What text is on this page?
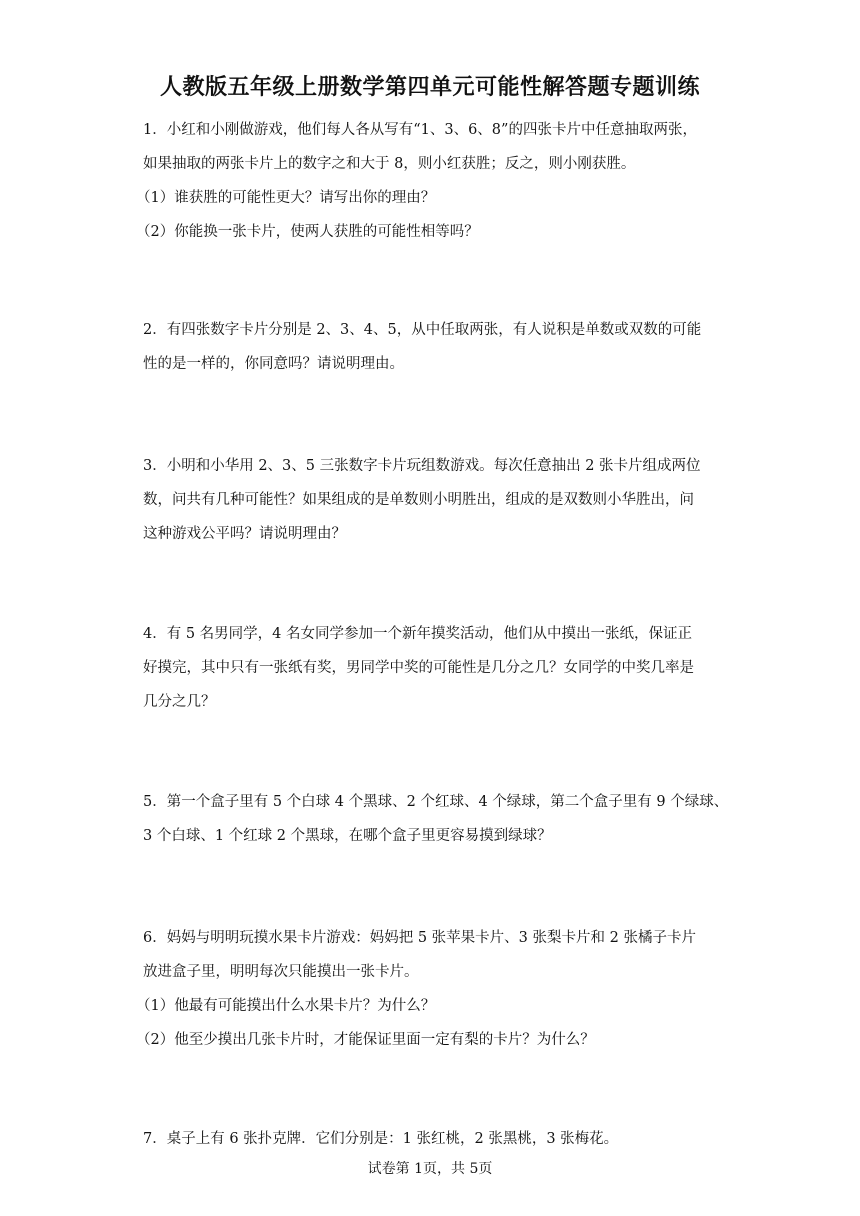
人教版五年级上册数学第四单元可能性解答题专题训练

1．小红和小刚做游戏，他们每人各从写有“1、3、6、8”的四张卡片中任意抽取两张，

如果抽取的两张卡片上的数字之和大于 8，则小红获胜；反之，则小刚获胜。

（1）谁获胜的可能性更大？请写出你的理由？

（2）你能换一张卡片，使两人获胜的可能性相等吗？

2．有四张数字卡片分别是 2、3、4、5，从中任取两张，有人说积是单数或双数的可能

性的是一样的，你同意吗？请说明理由。

3．小明和小华用 2、3、5 三张数字卡片玩组数游戏。每次任意抽出 2 张卡片组成两位

数，问共有几种可能性？如果组成的是单数则小明胜出，组成的是双数则小华胜出，问

这种游戏公平吗？请说明理由？

4．有 5 名男同学，4 名女同学参加一个新年摸奖活动，他们从中摸出一张纸，保证正

好摸完，其中只有一张纸有奖，男同学中奖的可能性是几分之几？女同学的中奖几率是

几分之几？

5．第一个盒子里有 5 个白球 4 个黑球、2 个红球、4 个绿球，第二个盒子里有 9 个绿球、

3 个白球、1 个红球 2 个黑球，在哪个盒子里更容易摸到绿球？

6．妈妈与明明玩摸水果卡片游戏：妈妈把 5 张苹果卡片、3 张梨卡片和 2 张橘子卡片

放进盒子里，明明每次只能摸出一张卡片。

（1）他最有可能摸出什么水果卡片？为什么？

（2）他至少摸出几张卡片时，才能保证里面一定有梨的卡片？为什么？

7．桌子上有 6 张扑克牌．它们分别是：1 张红桃，2 张黑桃，3 张梅花。

试卷第 1页，共 5页
